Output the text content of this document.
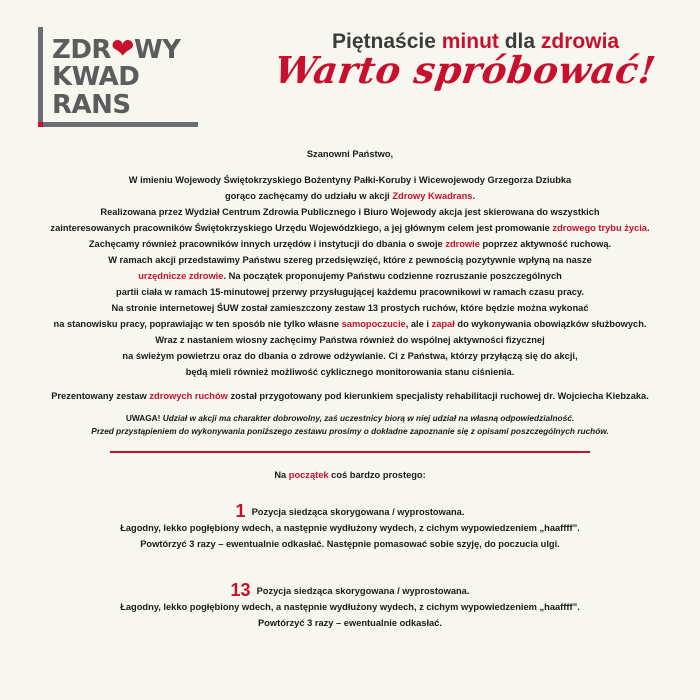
ZDR❤WY
KWAD
RANS
Piętnaście minut dla zdrowia
Warto spróbować!

Szanowni Państwo,

W imieniu Wojewody Świętokrzyskiego Bożentyny Pałki-Koruby i Wicewojewody Grzegorza Dziubka

gorąco zachęcamy do udziału w akcji Zdrowy Kwadrans.

Realizowana przez Wydział Centrum Zdrowia Publicznego i Biuro Wojewody akcja jest skierowana do wszystkich

zainteresowanych pracowników Świętokrzyskiego Urzędu Wojewódzkiego, a jej głównym celem jest promowanie zdrowego trybu życia.

Zachęcamy również pracowników innych urzędów i instytucji do dbania o swoje zdrowie poprzez aktywność ruchową.

W ramach akcji przedstawimy Państwu szereg przedsięwzięć, które z pewnością pozytywnie wpłyną na nasze

urzędnicze zdrowie. Na początek proponujemy Państwu codzienne rozruszanie poszczególnych

partii ciała w ramach 15-minutowej przerwy przysługującej każdemu pracownikowi w ramach czasu pracy.

Na stronie internetowej ŚUW został zamieszczony zestaw 13 prostych ruchów, które będzie można wykonać

na stanowisku pracy, poprawiając w ten sposób nie tylko własne samopoczucie, ale i zapał do wykonywania obowiązków służbowych.

Wraz z nastaniem wiosny zachęcimy Państwa również do wspólnej aktywności fizycznej

na świeżym powietrzu oraz do dbania o zdrowe odżywianie. Ci z Państwa, którzy przyłączą się do akcji,

będą mieli również możliwość cyklicznego monitorowania stanu ciśnienia.

Prezentowany zestaw zdrowych ruchów został przygotowany pod kierunkiem specjalisty rehabilitacji ruchowej dr. Wojciecha Kiebzaka.

UWAGA! Udział w akcji ma charakter dobrowolny, zaś uczestnicy biorą w niej udział na własną odpowiedzialność.

Przed przystąpieniem do wykonywania poniższego zestawu prosimy o dokładne zapoznanie się z opisami poszczególnych ruchów.

Na początek coś bardzo prostego:

1 Pozycja siedząca skorygowana / wyprostowana.

Łagodny, lekko pogłębiony wdech, a następnie wydłużony wydech, z cichym wypowiedzeniem „haaffff”.

Powtórzyć 3 razy – ewentualnie odkasłać. Następnie pomasować sobie szyję, do poczucia ulgi.

13 Pozycja siedząca skorygowana / wyprostowana.

Łagodny, lekko pogłębiony wdech, a następnie wydłużony wydech, z cichym wypowiedzeniem „haaffff”.

Powtórzyć 3 razy – ewentualnie odkasłać.
